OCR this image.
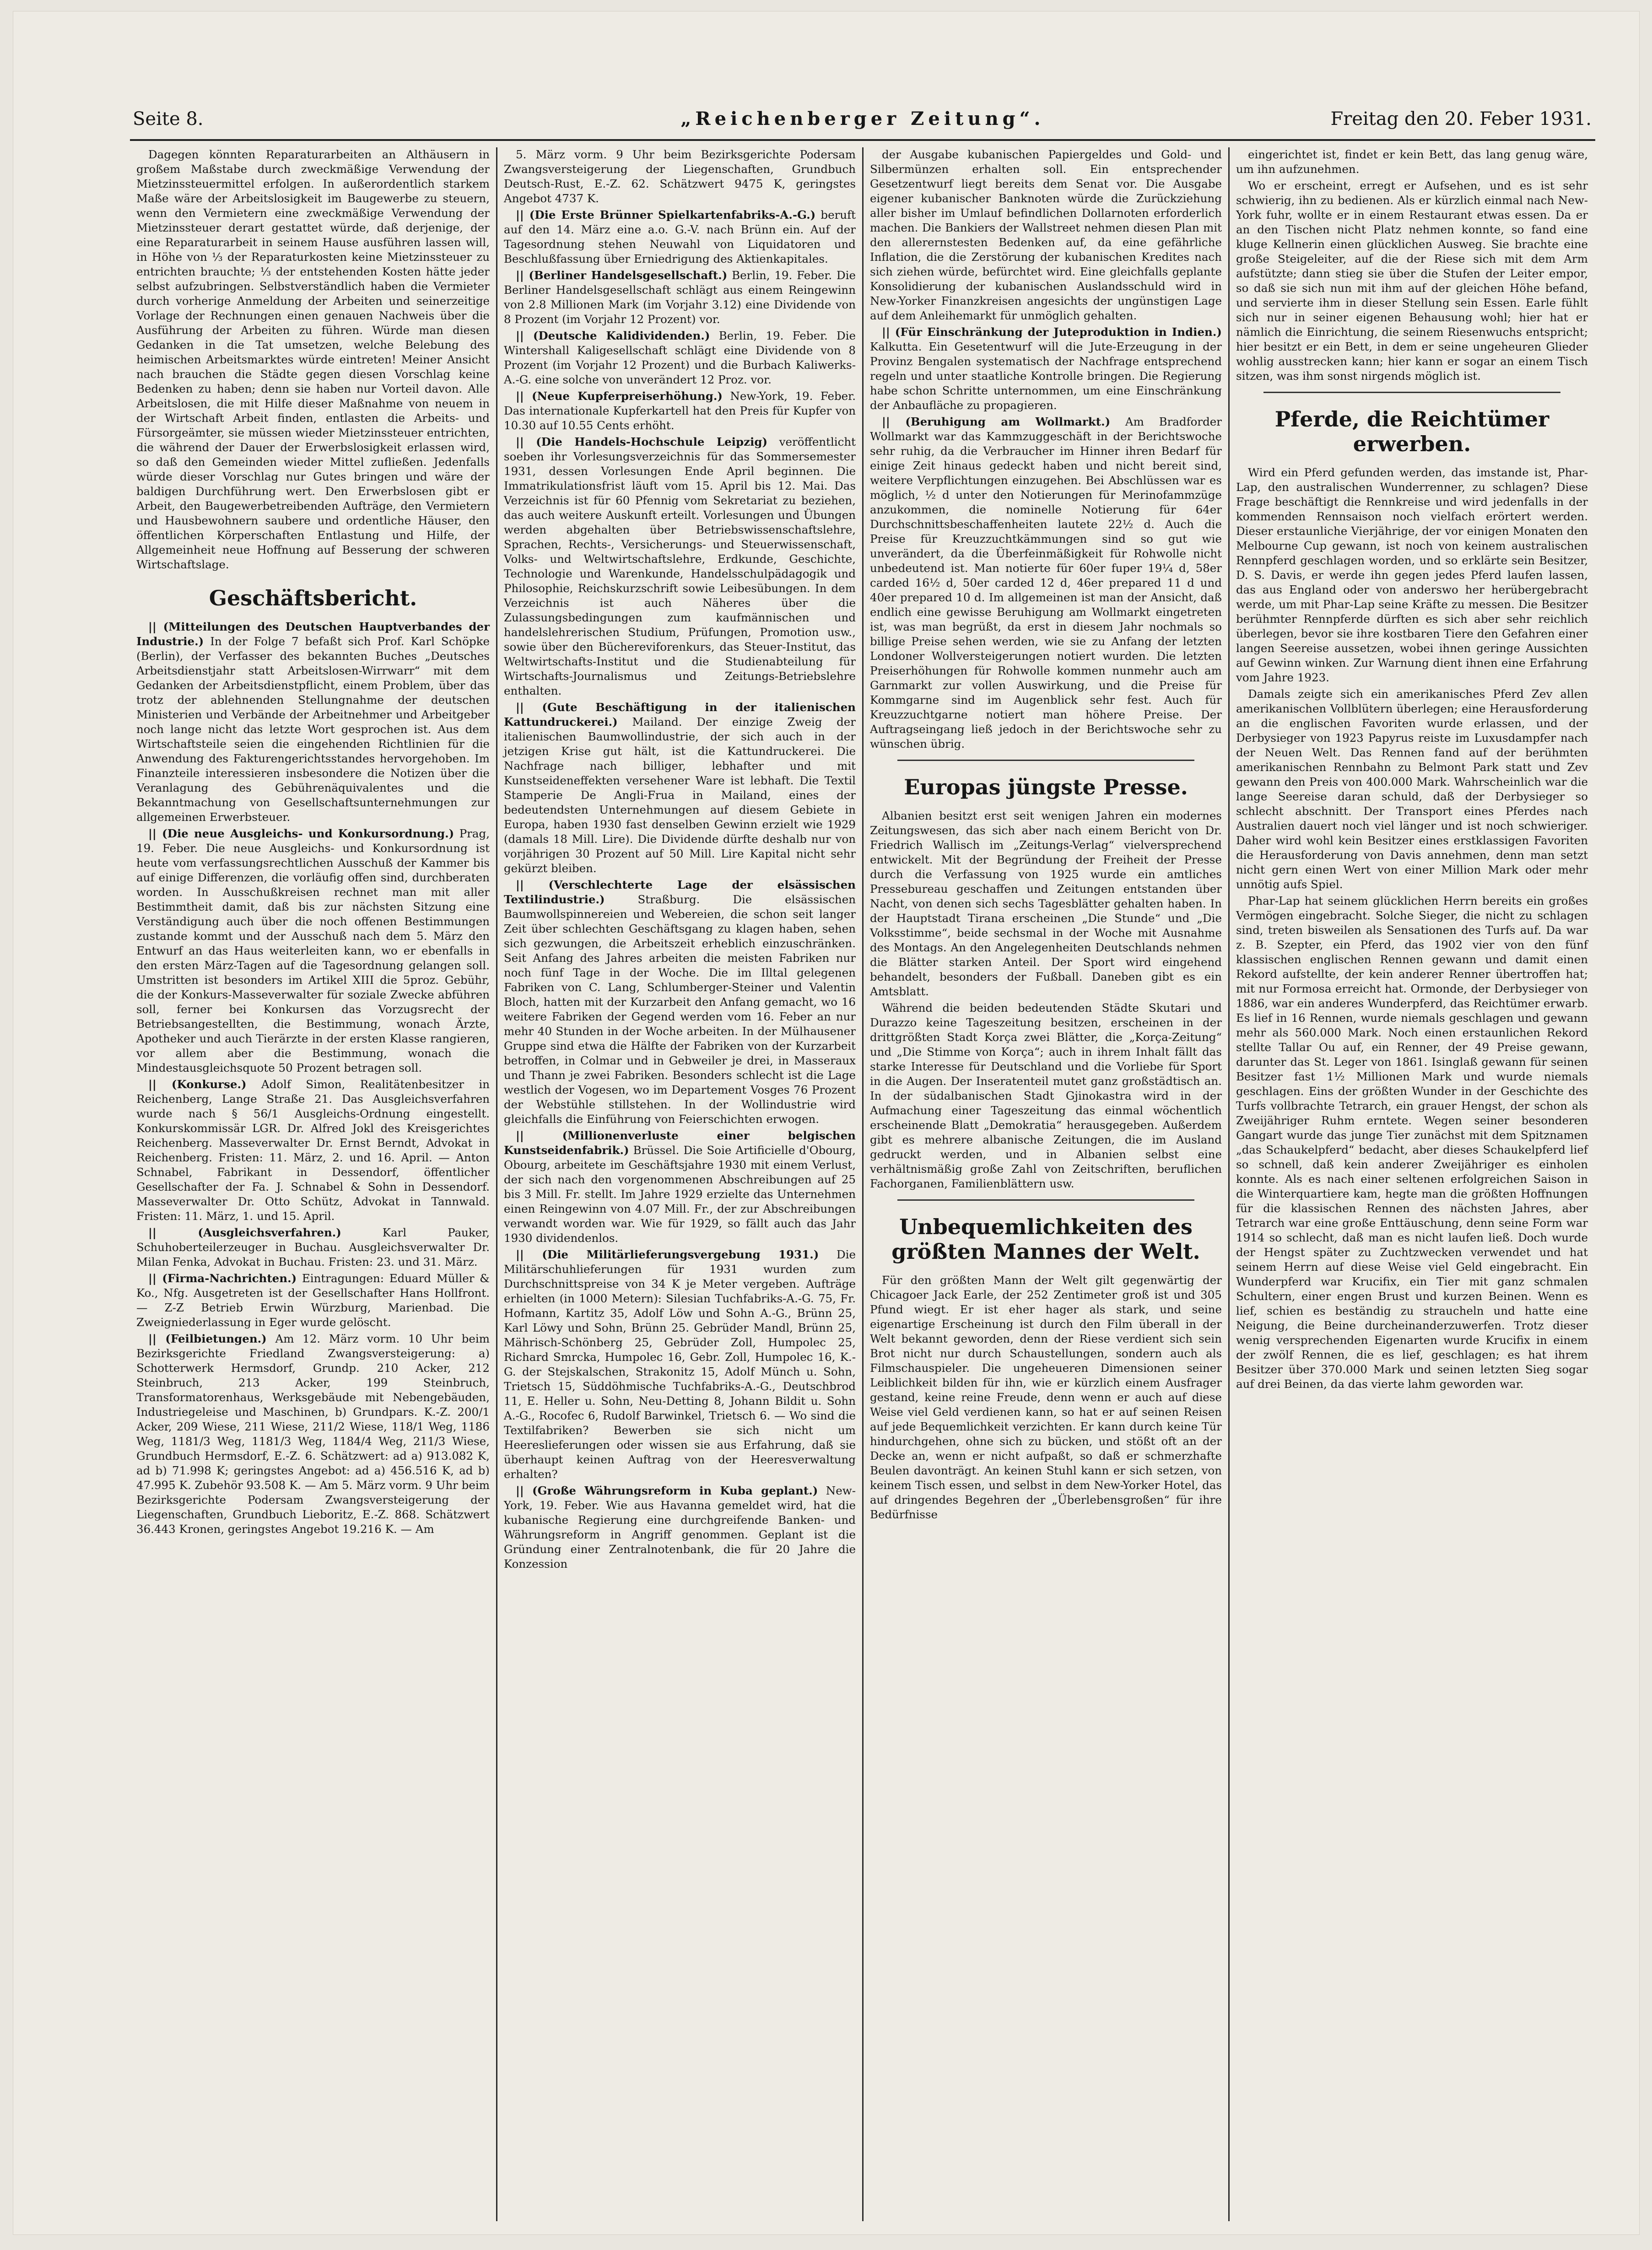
Seite 8.	„Reichenberger Zeitung“.	Freitag den 20. Feber 1931.

Dagegen könnten Reparaturarbeiten an Althäusern in großem Maßstabe durch zweckmäßige Verwendung der Mietzinssteuermittel erfolgen. In außerordentlich starkem Maße wäre der Arbeitslosigkeit im Baugewerbe zu steuern, wenn den Vermietern eine zweckmäßige Verwendung der Mietzinssteuer derart gestattet würde, daß derjenige, der eine Reparaturarbeit in seinem Hause ausführen lassen will, in Höhe von ⅓ der Reparaturkosten keine Mietzinssteuer zu entrichten brauchte; ⅓ der entstehenden Kosten hätte jeder selbst aufzubringen. Selbstverständlich haben die Vermieter durch vorherige Anmeldung der Arbeiten und seinerzeitige Vorlage der Rechnungen einen genauen Nachweis über die Ausführung der Arbeiten zu führen. Würde man diesen Gedanken in die Tat umsetzen, welche Belebung des heimischen Arbeitsmarktes würde eintreten! Meiner Ansicht nach brauchen die Städte gegen diesen Vorschlag keine Bedenken zu haben; denn sie haben nur Vorteil davon. Alle Arbeitslosen, die mit Hilfe dieser Maßnahme von neuem in der Wirtschaft Arbeit finden, entlasten die Arbeits- und Fürsorgeämter, sie müssen wieder Mietzinssteuer entrichten, die während der Dauer der Erwerbslosigkeit erlassen wird, so daß den Gemeinden wieder Mittel zufließen. Jedenfalls würde dieser Vorschlag nur Gutes bringen und wäre der baldigen Durchführung wert. Den Erwerbslosen gibt er Arbeit, den Baugewerbetreibenden Aufträge, den Vermietern und Hausbewohnern saubere und ordentliche Häuser, den öffentlichen Körperschaften Entlastung und Hilfe, der Allgemeinheit neue Hoffnung auf Besserung der schweren Wirtschaftslage.

Geschäftsbericht.

|| (Mitteilungen des Deutschen Hauptverbandes der Industrie.) In der Folge 7 befaßt sich Prof. Karl Schöpke (Berlin), der Verfasser des bekannten Buches „Deutsches Arbeitsdienstjahr statt Arbeitslosen-Wirrwarr“ mit dem Gedanken der Arbeitsdienstpflicht, einem Problem, über das trotz der ablehnenden Stellungnahme der deutschen Ministerien und Verbände der Arbeitnehmer und Arbeitgeber noch lange nicht das letzte Wort gesprochen ist. Aus dem Wirtschaftsteile seien die eingehenden Richtlinien für die Anwendung des Fakturengerichtsstandes hervorgehoben. Im Finanzteile interessieren insbesondere die Notizen über die Veranlagung des Gebührenäquivalentes und die Bekanntmachung von Gesellschaftsunternehmungen zur allgemeinen Erwerbsteuer.

|| (Die neue Ausgleichs- und Konkursordnung.) Prag, 19. Feber. Die neue Ausgleichs- und Konkursordnung ist heute vom verfassungsrechtlichen Ausschuß der Kammer bis auf einige Differenzen, die vorläufig offen sind, durchberaten worden. In Ausschußkreisen rechnet man mit aller Bestimmtheit damit, daß bis zur nächsten Sitzung eine Verständigung auch über die noch offenen Bestimmungen zustande kommt und der Ausschuß nach dem 5. März den Entwurf an das Haus weiterleiten kann, wo er ebenfalls in den ersten März-Tagen auf die Tagesordnung gelangen soll. Umstritten ist besonders im Artikel XIII die 5proz. Gebühr, die der Konkurs-Masseverwalter für soziale Zwecke abführen soll, ferner bei Konkursen das Vorzugsrecht der Betriebsangestellten, die Bestimmung, wonach Ärzte, Apotheker und auch Tierärzte in der ersten Klasse rangieren, vor allem aber die Bestimmung, wonach die Mindestausgleichsquote 50 Prozent betragen soll.

|| (Konkurse.) Adolf Simon, Realitätenbesitzer in Reichenberg, Lange Straße 21. Das Ausgleichsverfahren wurde nach § 56/1 Ausgleichs-Ordnung eingestellt. Konkurskommissär LGR. Dr. Alfred Jokl des Kreisgerichtes Reichenberg. Masseverwalter Dr. Ernst Berndt, Advokat in Reichenberg. Fristen: 11. März, 2. und 16. April. — Anton Schnabel, Fabrikant in Dessendorf, öffentlicher Gesellschafter der Fa. J. Schnabel & Sohn in Dessendorf. Masseverwalter Dr. Otto Schütz, Advokat in Tannwald. Fristen: 11. März, 1. und 15. April.

|| (Ausgleichsverfahren.) Karl Pauker, Schuhoberteilerzeuger in Buchau. Ausgleichsverwalter Dr. Milan Fenka, Advokat in Buchau. Fristen: 23. und 31. März.

|| (Firma-Nachrichten.) Eintragungen: Eduard Müller & Ko., Nfg. Ausgetreten ist der Gesellschafter Hans Hollfront. — Z-Z Betrieb Erwin Würzburg, Marienbad. Die Zweigniederlassung in Eger wurde gelöscht.

|| (Feilbietungen.) Am 12. März vorm. 10 Uhr beim Bezirksgerichte Friedland Zwangsversteigerung: a) Schotterwerk Hermsdorf, Grundp. 210 Acker, 212 Steinbruch, 213 Acker, 199 Steinbruch, Transformatorenhaus, Werksgebäude mit Nebengebäuden, Industriegeleise und Maschinen, b) Grundpars. K.-Z. 200/1 Acker, 209 Wiese, 211 Wiese, 211/2 Wiese, 118/1 Weg, 1186 Weg, 1181/3 Weg, 1181/3 Weg, 1184/4 Weg, 211/3 Wiese, Grundbuch Hermsdorf, E.-Z. 6. Schätzwert: ad a) 913.082 K, ad b) 71.998 K; geringstes Angebot: ad a) 456.516 K, ad b) 47.995 K. Zubehör 93.508 K. — Am 5. März vorm. 9 Uhr beim Bezirksgerichte Podersam Zwangsversteigerung der Liegenschaften, Grundbuch Lieboritz, E.-Z. 868. Schätzwert 36.443 Kronen, geringstes Angebot 19.216 K. — Am

5. März vorm. 9 Uhr beim Bezirksgerichte Podersam Zwangsversteigerung der Liegenschaften, Grundbuch Deutsch-Rust, E.-Z. 62. Schätzwert 9475 K, geringstes Angebot 4737 K.

|| (Die Erste Brünner Spielkartenfabriks-A.-G.) beruft auf den 14. März eine a.o. G.-V. nach Brünn ein. Auf der Tagesordnung stehen Neuwahl von Liquidatoren und Beschlußfassung über Erniedrigung des Aktienkapitales.

|| (Berliner Handelsgesellschaft.) Berlin, 19. Feber. Die Berliner Handelsgesellschaft schlägt aus einem Reingewinn von 2.8 Millionen Mark (im Vorjahr 3.12) eine Dividende von 8 Prozent (im Vorjahr 12 Prozent) vor.

|| (Deutsche Kalidividenden.) Berlin, 19. Feber. Die Wintershall Kaligesellschaft schlägt eine Dividende von 8 Prozent (im Vorjahr 12 Prozent) und die Burbach Kaliwerks-A.-G. eine solche von unverändert 12 Proz. vor.

|| (Neue Kupferpreiserhöhung.) New-York, 19. Feber. Das internationale Kupferkartell hat den Preis für Kupfer von 10.30 auf 10.55 Cents erhöht.

|| (Die Handels-Hochschule Leipzig) veröffentlicht soeben ihr Vorlesungsverzeichnis für das Sommersemester 1931, dessen Vorlesungen Ende April beginnen. Die Immatrikulationsfrist läuft vom 15. April bis 12. Mai. Das Verzeichnis ist für 60 Pfennig vom Sekretariat zu beziehen, das auch weitere Auskunft erteilt. Vorlesungen und Übungen werden abgehalten über Betriebswissenschaftslehre, Sprachen, Rechts-, Versicherungs- und Steuerwissenschaft, Volks- und Weltwirtschaftslehre, Erdkunde, Geschichte, Technologie und Warenkunde, Handelsschulpädagogik und Philosophie, Reichskurzschrift sowie Leibesübungen. In dem Verzeichnis ist auch Näheres über die Zulassungsbedingungen zum kaufmännischen und handelslehrerischen Studium, Prüfungen, Promotion usw., sowie über den Büchereviforenkurs, das Steuer-Institut, das Weltwirtschafts-Institut und die Studienabteilung für Wirtschafts-Journalismus und Zeitungs-Betriebslehre enthalten.

|| (Gute Beschäftigung in der italienischen Kattundruckerei.) Mailand. Der einzige Zweig der italienischen Baumwollindustrie, der sich auch in der jetzigen Krise gut hält, ist die Kattundruckerei. Die Nachfrage nach billiger, lebhafter und mit Kunstseideneffekten versehener Ware ist lebhaft. Die Textil Stamperie De Angli-Frua in Mailand, eines der bedeutendsten Unternehmungen auf diesem Gebiete in Europa, haben 1930 fast denselben Gewinn erzielt wie 1929 (damals 18 Mill. Lire). Die Dividende dürfte deshalb nur von vorjährigen 30 Prozent auf 50 Mill. Lire Kapital nicht sehr gekürzt bleiben.

|| (Verschlechterte Lage der elsässischen Textilindustrie.) Straßburg. Die elsässischen Baumwollspinnereien und Webereien, die schon seit langer Zeit über schlechten Geschäftsgang zu klagen haben, sehen sich gezwungen, die Arbeitszeit erheblich einzuschränken. Seit Anfang des Jahres arbeiten die meisten Fabriken nur noch fünf Tage in der Woche. Die im Illtal gelegenen Fabriken von C. Lang, Schlumberger-Steiner und Valentin Bloch, hatten mit der Kurzarbeit den Anfang gemacht, wo 16 weitere Fabriken der Gegend werden vom 16. Feber an nur mehr 40 Stunden in der Woche arbeiten. In der Mülhausener Gruppe sind etwa die Hälfte der Fabriken von der Kurzarbeit betroffen, in Colmar und in Gebweiler je drei, in Masseraux und Thann je zwei Fabriken. Besonders schlecht ist die Lage westlich der Vogesen, wo im Departement Vosges 76 Prozent der Webstühle stillstehen. In der Wollindustrie wird gleichfalls die Einführung von Feierschichten erwogen.

|| (Millionenverluste einer belgischen Kunstseidenfabrik.) Brüssel. Die Soie Artificielle d'Obourg, Obourg, arbeitete im Geschäftsjahre 1930 mit einem Verlust, der sich nach den vorgenommenen Abschreibungen auf 25 bis 3 Mill. Fr. stellt. Im Jahre 1929 erzielte das Unternehmen einen Reingewinn von 4.07 Mill. Fr., der zur Abschreibungen verwandt worden war. Wie für 1929, so fällt auch das Jahr 1930 dividendenlos.

|| (Die Militärlieferungsvergebung 1931.) Die Militärschuhlieferungen für 1931 wurden zum Durchschnittspreise von 34 K je Meter vergeben. Aufträge erhielten (in 1000 Metern): Silesian Tuchfabriks-A.-G. 75, Fr. Hofmann, Kartitz 35, Adolf Löw und Sohn A.-G., Brünn 25, Karl Löwy und Sohn, Brünn 25. Gebrüder Mandl, Brünn 25, Mährisch-Schönberg 25, Gebrüder Zoll, Humpolec 25, Richard Smrcka, Humpolec 16, Gebr. Zoll, Humpolec 16, K.-G. der Stejskalschen, Strakonitz 15, Adolf Münch u. Sohn, Trietsch 15, Süddöhmische Tuchfabriks-A.-G., Deutschbrod 11, E. Heller u. Sohn, Neu-Detting 8, Johann Bildit u. Sohn A.-G., Rocofec 6, Rudolf Barwinkel, Trietsch 6. — Wo sind die Textilfabriken? Bewerben sie sich nicht um Heereslieferungen oder wissen sie aus Erfahrung, daß sie überhaupt keinen Auftrag von der Heeresverwaltung erhalten?

|| (Große Währungsreform in Kuba geplant.) New-York, 19. Feber. Wie aus Havanna gemeldet wird, hat die kubanische Regierung eine durchgreifende Banken- und Währungsreform in Angriff genommen. Geplant ist die Gründung einer Zentralnotenbank, die für 20 Jahre die Konzession

der Ausgabe kubanischen Papiergeldes und Gold- und Silbermünzen erhalten soll. Ein entsprechender Gesetzentwurf liegt bereits dem Senat vor. Die Ausgabe eigener kubanischer Banknoten würde die Zurückziehung aller bisher im Umlauf befindlichen Dollarnoten erforderlich machen. Die Bankiers der Wallstreet nehmen diesen Plan mit den allerernstesten Bedenken auf, da eine gefährliche Inflation, die die Zerstörung der kubanischen Kredites nach sich ziehen würde, befürchtet wird. Eine gleichfalls geplante Konsolidierung der kubanischen Auslandsschuld wird in New-Yorker Finanzkreisen angesichts der ungünstigen Lage auf dem Anleihemarkt für unmöglich gehalten.

|| (Für Einschränkung der Juteproduktion in Indien.) Kalkutta. Ein Gesetentwurf will die Jute-Erzeugung in der Provinz Bengalen systematisch der Nachfrage entsprechend regeln und unter staatliche Kontrolle bringen. Die Regierung habe schon Schritte unternommen, um eine Einschränkung der Anbaufläche zu propagieren.

|| (Beruhigung am Wollmarkt.) Am Bradforder Wollmarkt war das Kammzuggeschäft in der Berichtswoche sehr ruhig, da die Verbraucher im Hinner ihren Bedarf für einige Zeit hinaus gedeckt haben und nicht bereit sind, weitere Verpflichtungen einzugehen. Bei Abschlüssen war es möglich, ½ d unter den Notierungen für Merinofammzüge anzukommen, die nominelle Notierung für 64er Durchschnittsbeschaffenheiten lautete 22½ d. Auch die Preise für Kreuzzuchtkämmungen sind so gut wie unverändert, da die Überfeinmäßigkeit für Rohwolle nicht unbedeutend ist. Man notierte für 60er fuper 19¼ d, 58er carded 16½ d, 50er carded 12 d, 46er prepared 11 d und 40er prepared 10 d. Im allgemeinen ist man der Ansicht, daß endlich eine gewisse Beruhigung am Wollmarkt eingetreten ist, was man begrüßt, da erst in diesem Jahr nochmals so billige Preise sehen werden, wie sie zu Anfang der letzten Londoner Wollversteigerungen notiert wurden. Die letzten Preiserhöhungen für Rohwolle kommen nunmehr auch am Garnmarkt zur vollen Auswirkung, und die Preise für Kommgarne sind im Augenblick sehr fest. Auch für Kreuzzuchtgarne notiert man höhere Preise. Der Auftragseingang ließ jedoch in der Berichtswoche sehr zu wünschen übrig.

Europas jüngste Presse.

Albanien besitzt erst seit wenigen Jahren ein modernes Zeitungswesen, das sich aber nach einem Bericht von Dr. Friedrich Wallisch im „Zeitungs-Verlag“ vielversprechend entwickelt. Mit der Begründung der Freiheit der Presse durch die Verfassung von 1925 wurde ein amtliches Pressebureau geschaffen und Zeitungen entstanden über Nacht, von denen sich sechs Tagesblätter gehalten haben. In der Hauptstadt Tirana erscheinen „Die Stunde“ und „Die Volksstimme“, beide sechsmal in der Woche mit Ausnahme des Montags. An den Angelegenheiten Deutschlands nehmen die Blätter starken Anteil. Der Sport wird eingehend behandelt, besonders der Fußball. Daneben gibt es ein Amtsblatt.

Während die beiden bedeutenden Städte Skutari und Durazzo keine Tageszeitung besitzen, erscheinen in der drittgrößten Stadt Korça zwei Blätter, die „Korça-Zeitung“ und „Die Stimme von Korça“; auch in ihrem Inhalt fällt das starke Interesse für Deutschland und die Vorliebe für Sport in die Augen. Der Inseratenteil mutet ganz großstädtisch an. In der südalbanischen Stadt Gjinokastra wird in der Aufmachung einer Tageszeitung das einmal wöchentlich erscheinende Blatt „Demokratia“ herausgegeben. Außerdem gibt es mehrere albanische Zeitungen, die im Ausland gedruckt werden, und in Albanien selbst eine verhältnismäßig große Zahl von Zeitschriften, beruflichen Fachorganen, Familienblättern usw.

Unbequemlichkeiten des größten Mannes der Welt.

Für den größten Mann der Welt gilt gegenwärtig der Chicagoer Jack Earle, der 252 Zentimeter groß ist und 305 Pfund wiegt. Er ist eher hager als stark, und seine eigenartige Erscheinung ist durch den Film überall in der Welt bekannt geworden, denn der Riese verdient sich sein Brot nicht nur durch Schaustellungen, sondern auch als Filmschauspieler. Die ungeheueren Dimensionen seiner Leiblichkeit bilden für ihn, wie er kürzlich einem Ausfrager gestand, keine reine Freude, denn wenn er auch auf diese Weise viel Geld verdienen kann, so hat er auf seinen Reisen auf jede Bequemlichkeit verzichten. Er kann durch keine Tür hindurchgehen, ohne sich zu bücken, und stößt oft an der Decke an, wenn er nicht aufpaßt, so daß er schmerzhafte Beulen davonträgt. An keinen Stuhl kann er sich setzen, von keinem Tisch essen, und selbst in dem New-Yorker Hotel, das auf dringendes Begehren der „Überlebensgroßen“ für ihre Bedürfnisse

eingerichtet ist, findet er kein Bett, das lang genug wäre, um ihn aufzunehmen.

Wo er erscheint, erregt er Aufsehen, und es ist sehr schwierig, ihn zu bedienen. Als er kürzlich einmal nach New-York fuhr, wollte er in einem Restaurant etwas essen. Da er an den Tischen nicht Platz nehmen konnte, so fand eine kluge Kellnerin einen glücklichen Ausweg. Sie brachte eine große Steigeleiter, auf die der Riese sich mit dem Arm aufstützte; dann stieg sie über die Stufen der Leiter empor, so daß sie sich nun mit ihm auf der gleichen Höhe befand, und servierte ihm in dieser Stellung sein Essen. Earle fühlt sich nur in seiner eigenen Behausung wohl; hier hat er nämlich die Einrichtung, die seinem Riesenwuchs entspricht; hier besitzt er ein Bett, in dem er seine ungeheuren Glieder wohlig ausstrecken kann; hier kann er sogar an einem Tisch sitzen, was ihm sonst nirgends möglich ist.

Pferde, die Reichtümer erwerben.

Wird ein Pferd gefunden werden, das imstande ist, Phar-Lap, den australischen Wunderrenner, zu schlagen? Diese Frage beschäftigt die Rennkreise und wird jedenfalls in der kommenden Rennsaison noch vielfach erörtert werden. Dieser erstaunliche Vierjährige, der vor einigen Monaten den Melbourne Cup gewann, ist noch von keinem australischen Rennpferd geschlagen worden, und so erklärte sein Besitzer, D. S. Davis, er werde ihn gegen jedes Pferd laufen lassen, das aus England oder von anderswo her herübergebracht werde, um mit Phar-Lap seine Kräfte zu messen. Die Besitzer berühmter Rennpferde dürften es sich aber sehr reichlich überlegen, bevor sie ihre kostbaren Tiere den Gefahren einer langen Seereise aussetzen, wobei ihnen geringe Aussichten auf Gewinn winken. Zur Warnung dient ihnen eine Erfahrung vom Jahre 1923.

Damals zeigte sich ein amerikanisches Pferd Zev allen amerikanischen Vollblütern überlegen; eine Herausforderung an die englischen Favoriten wurde erlassen, und der Derbysieger von 1923 Papyrus reiste im Luxusdampfer nach der Neuen Welt. Das Rennen fand auf der berühmten amerikanischen Rennbahn zu Belmont Park statt und Zev gewann den Preis von 400.000 Mark. Wahrscheinlich war die lange Seereise daran schuld, daß der Derbysieger so schlecht abschnitt. Der Transport eines Pferdes nach Australien dauert noch viel länger und ist noch schwieriger. Daher wird wohl kein Besitzer eines erstklassigen Favoriten die Herausforderung von Davis annehmen, denn man setzt nicht gern einen Wert von einer Million Mark oder mehr unnötig aufs Spiel.

Phar-Lap hat seinem glücklichen Herrn bereits ein großes Vermögen eingebracht. Solche Sieger, die nicht zu schlagen sind, treten bisweilen als Sensationen des Turfs auf. Da war z. B. Szepter, ein Pferd, das 1902 vier von den fünf klassischen englischen Rennen gewann und damit einen Rekord aufstellte, der kein anderer Renner übertroffen hat; mit nur Formosa erreicht hat. Ormonde, der Derbysieger von 1886, war ein anderes Wunderpferd, das Reichtümer erwarb. Es lief in 16 Rennen, wurde niemals geschlagen und gewann mehr als 560.000 Mark. Noch einen erstaunlichen Rekord stellte Tallar Ou auf, ein Renner, der 49 Preise gewann, darunter das St. Leger von 1861. Isinglaß gewann für seinen Besitzer fast 1½ Millionen Mark und wurde niemals geschlagen. Eins der größten Wunder in der Geschichte des Turfs vollbrachte Tetrarch, ein grauer Hengst, der schon als Zweijähriger Ruhm erntete. Wegen seiner besonderen Gangart wurde das junge Tier zunächst mit dem Spitznamen „das Schaukelpferd“ bedacht, aber dieses Schaukelpferd lief so schnell, daß kein anderer Zweijähriger es einholen konnte. Als es nach einer seltenen erfolgreichen Saison in die Winterquartiere kam, hegte man die größten Hoffnungen für die klassischen Rennen des nächsten Jahres, aber Tetrarch war eine große Enttäuschung, denn seine Form war 1914 so schlecht, daß man es nicht laufen ließ. Doch wurde der Hengst später zu Zuchtzwecken verwendet und hat seinem Herrn auf diese Weise viel Geld eingebracht. Ein Wunderpferd war Krucifix, ein Tier mit ganz schmalen Schultern, einer engen Brust und kurzen Beinen. Wenn es lief, schien es beständig zu straucheln und hatte eine Neigung, die Beine durcheinanderzuwerfen. Trotz dieser wenig versprechenden Eigenarten wurde Krucifix in einem der zwölf Rennen, die es lief, geschlagen; es hat ihrem Besitzer über 370.000 Mark und seinen letzten Sieg sogar auf drei Beinen, da das vierte lahm geworden war.
